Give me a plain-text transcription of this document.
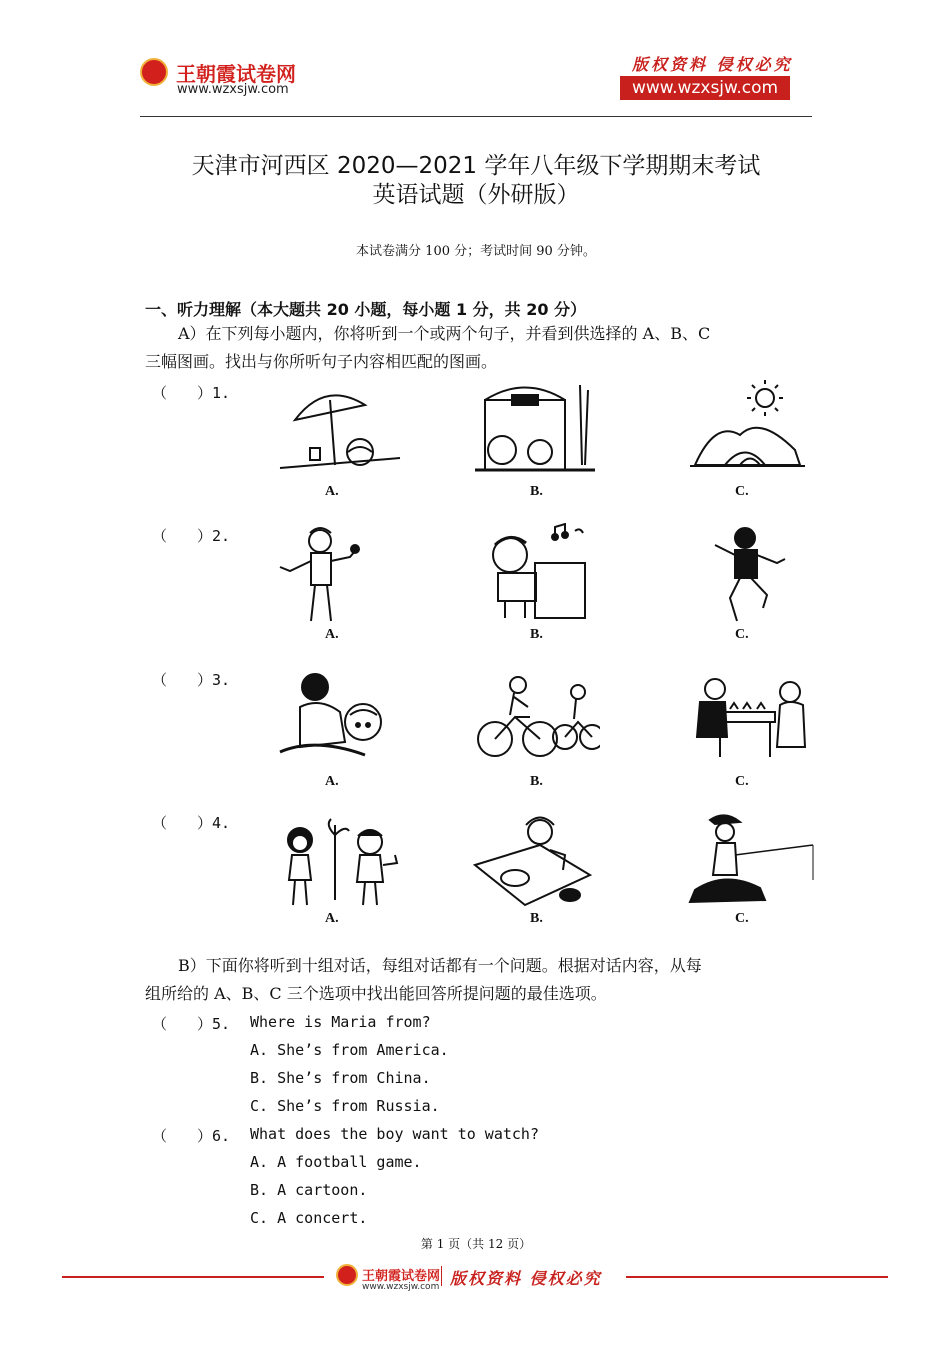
王朝霞试卷网
www.wzxsjw.com
版权资料 侵权必究
www.wzxsjw.com
天津市河西区 2020—2021 学年八年级下学期期末考试
英语试题（外研版）
本试卷满分 100 分；考试时间 90 分钟。
一、听力理解（本大题共 20 小题，每小题 1 分，共 20 分）
A）在下列每小题内，你将听到一个或两个句子，并看到供选择的 A、B、C
三幅图画。找出与你所听句子内容相匹配的图画。
（　　）1.
A.	B.	C.
（　　）2.
A.	B.	C.
（　　）3.
A.	B.	C.
（　　）4.
A.	B.	C.
B）下面你将听到十组对话，每组对话都有一个问题。根据对话内容，从每
组所给的 A、B、C 三个选项中找出能回答所提问题的最佳选项。
（　　）5. Where is Maria from?
A. She’s from America.
B. She’s from China.
C. She’s from Russia.
（　　）6. What does the boy want to watch?
A. A football game.
B. A cartoon.
C. A concert.
第 1 页（共 12 页）
王朝霞试卷网
www.wzxsjw.com 版权资料 侵权必究
